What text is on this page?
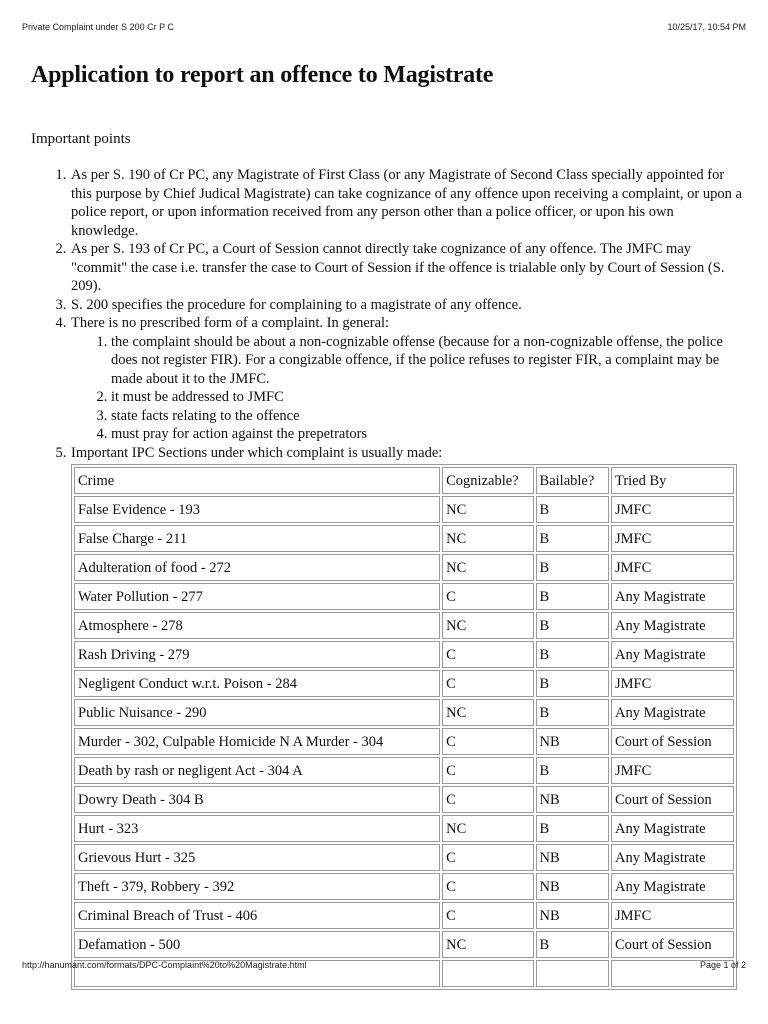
Private Complaint under S 200 Cr P C	10/25/17, 10:54 PM
Application to report an offence to Magistrate
Important points
1. As per S. 190 of Cr PC, any Magistrate of First Class (or any Magistrate of Second Class specially appointed for this purpose by Chief Judical Magistrate) can take cognizance of any offence upon receiving a complaint, or upon a police report, or upon information received from any person other than a police officer, or upon his own knowledge.
2. As per S. 193 of Cr PC, a Court of Session cannot directly take cognizance of any offence. The JMFC may "commit" the case i.e. transfer the case to Court of Session if the offence is trialable only by Court of Session (S. 209).
3. S. 200 specifies the procedure for complaining to a magistrate of any offence.
4. There is no prescribed form of a complaint. In general:
1. the complaint should be about a non-cognizable offense (because for a non-cognizable offense, the police does not register FIR). For a congizable offence, if the police refuses to register FIR, a complaint may be made about it to the JMFC.
2. it must be addressed to JMFC
3. state facts relating to the offence
4. must pray for action against the prepetrators
5. Important IPC Sections under which complaint is usually made:
Crime	Cognizable?	Bailable?	Tried By
False Evidence - 193	NC	B	JMFC
False Charge - 211	NC	B	JMFC
Adulteration of food - 272	NC	B	JMFC
Water Pollution - 277	C	B	Any Magistrate
Atmosphere - 278	NC	B	Any Magistrate
Rash Driving - 279	C	B	Any Magistrate
Negligent Conduct w.r.t. Poison - 284	C	B	JMFC
Public Nuisance - 290	NC	B	Any Magistrate
Murder - 302, Culpable Homicide N A Murder - 304	C	NB	Court of Session
Death by rash or negligent Act - 304 A	C	B	JMFC
Dowry Death - 304 B	C	NB	Court of Session
Hurt - 323	NC	B	Any Magistrate
Grievous Hurt - 325	C	NB	Any Magistrate
Theft - 379, Robbery - 392	C	NB	Any Magistrate
Criminal Breach of Trust - 406	C	NB	JMFC
Defamation - 500	NC	B	Court of Session

http://hanumant.com/formats/DPC-Complaint%20to%20Magistrate.html	Page 1 of 2
